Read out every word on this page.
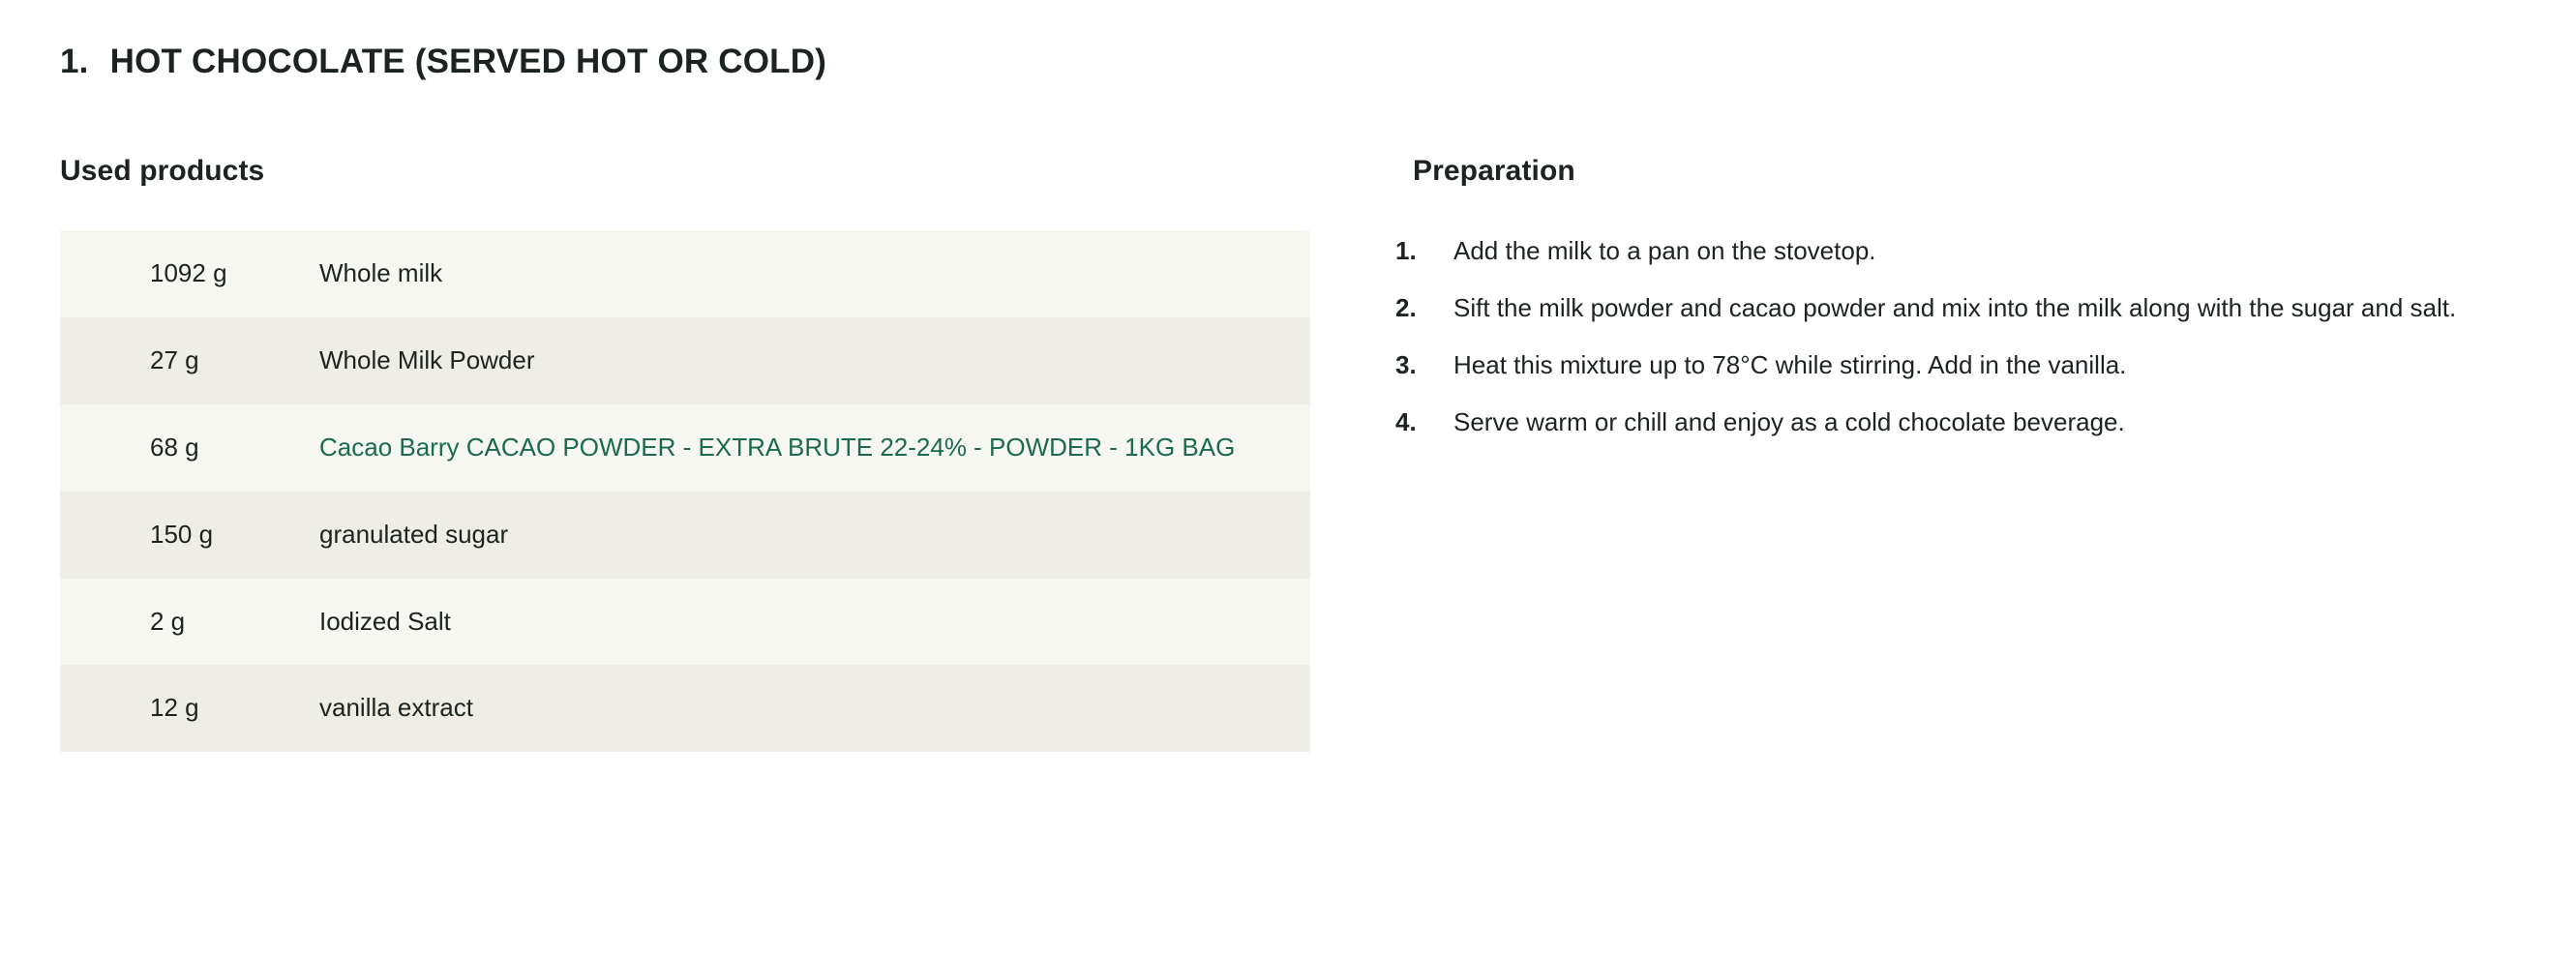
1. HOT CHOCOLATE (SERVED HOT OR COLD)
Used products
1092 g	Whole milk
27 g	Whole Milk Powder
68 g	Cacao Barry CACAO POWDER - EXTRA BRUTE 22-24% - POWDER - 1KG BAG
150 g	granulated sugar
2 g	Iodized Salt
12 g	vanilla extract
Preparation
1.	Add the milk to a pan on the stovetop.
2.	Sift the milk powder and cacao powder and mix into the milk along with the sugar and salt.
3.	Heat this mixture up to 78°C while stirring. Add in the vanilla.
4.	Serve warm or chill and enjoy as a cold chocolate beverage.
